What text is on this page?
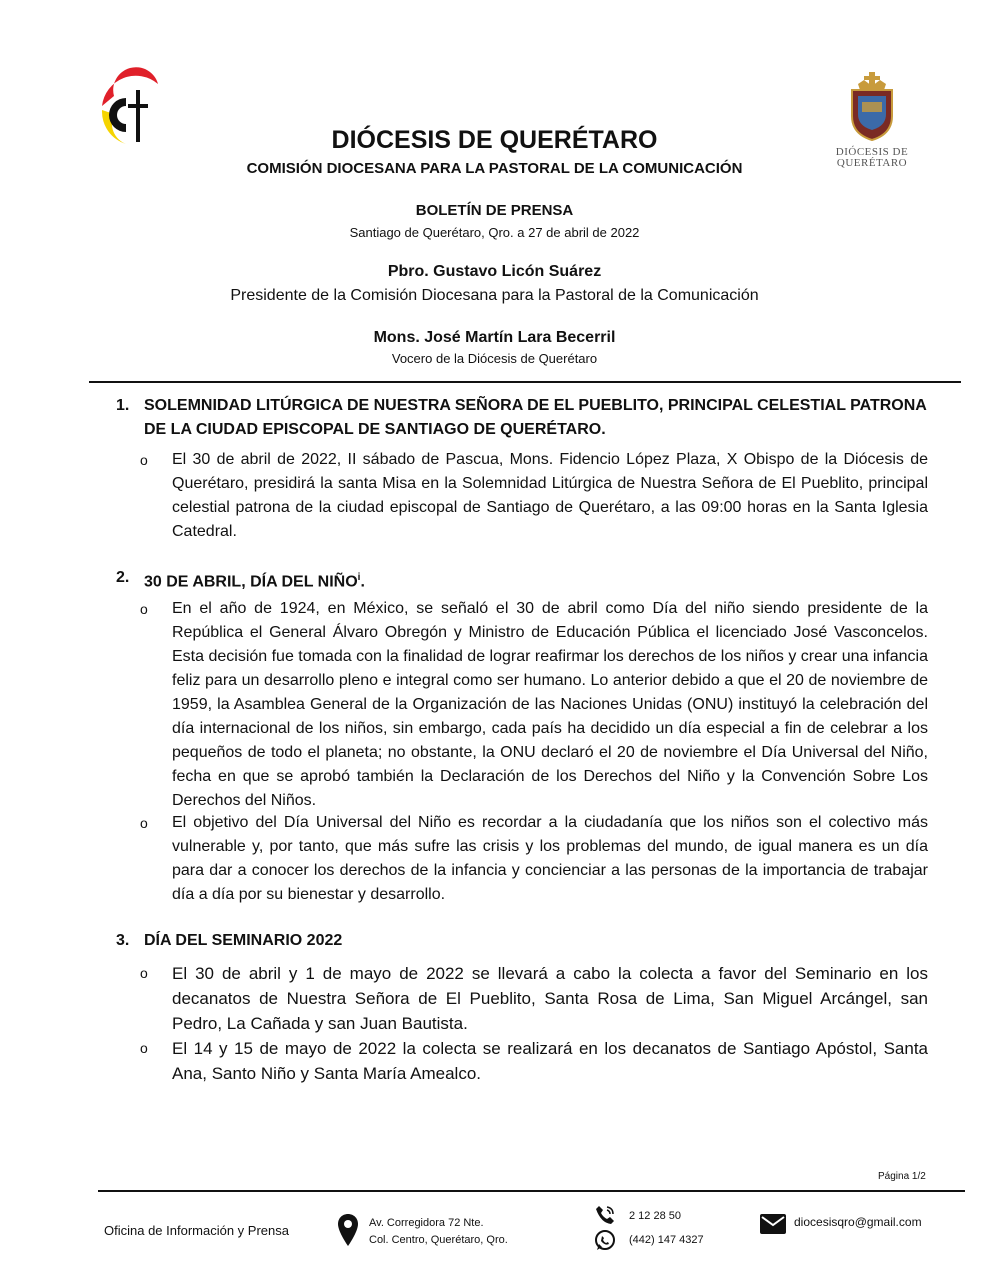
DIÓCESIS DE
QUERÉTARO
DIÓCESIS DE QUERÉTARO
COMISIÓN DIOCESANA PARA LA PASTORAL DE LA COMUNICACIÓN
BOLETÍN DE PRENSA
Santiago de Querétaro, Qro. a 27 de abril de 2022
Pbro. Gustavo Licón Suárez
Presidente de la Comisión Diocesana para la Pastoral de la Comunicación
Mons. José Martín Lara Becerril
Vocero de la Diócesis de Querétaro
1. SOLEMNIDAD LITÚRGICA DE NUESTRA SEÑORA DE EL PUEBLITO, PRINCIPAL CELESTIAL PATRONA DE LA CIUDAD EPISCOPAL DE SANTIAGO DE QUERÉTARO.
o	El 30 de abril de 2022, II sábado de Pascua, Mons. Fidencio López Plaza, X Obispo de la Diócesis de Querétaro, presidirá la santa Misa en la Solemnidad Litúrgica de Nuestra Señora de El Pueblito, principal celestial patrona de la ciudad episcopal de Santiago de Querétaro, a las 09:00 horas en la Santa Iglesia Catedral.
2. 30 DE ABRIL, DÍA DEL NIÑO$^i$.
o	En el año de 1924, en México, se señaló el 30 de abril como Día del niño siendo presidente de la República el General Álvaro Obregón y Ministro de Educación Pública el licenciado José Vasconcelos. Esta decisión fue tomada con la finalidad de lograr reafirmar los derechos de los niños y crear una infancia feliz para un desarrollo pleno e integral como ser humano. Lo anterior debido a que el 20 de noviembre de 1959, la Asamblea General de la Organización de las Naciones Unidas (ONU) instituyó la celebración del día internacional de los niños, sin embargo, cada país ha decidido un día especial a fin de celebrar a los pequeños de todo el planeta; no obstante, la ONU declaró el 20 de noviembre el Día Universal del Niño, fecha en que se aprobó también la Declaración de los Derechos del Niño y la Convención Sobre Los Derechos del Niños.
o	El objetivo del Día Universal del Niño es recordar a la ciudadanía que los niños son el colectivo más vulnerable y, por tanto, que más sufre las crisis y los problemas del mundo, de igual manera es un día para dar a conocer los derechos de la infancia y concienciar a las personas de la importancia de trabajar día a día por su bienestar y desarrollo.
3. DÍA DEL SEMINARIO 2022
o	El 30 de abril y 1 de mayo de 2022 se llevará a cabo la colecta a favor del Seminario en los decanatos de Nuestra Señora de El Pueblito, Santa Rosa de Lima, San Miguel Arcángel, san Pedro, La Cañada y san Juan Bautista.
o	El 14 y 15 de mayo de 2022 la colecta se realizará en los decanatos de Santiago Apóstol, Santa Ana, Santo Niño y Santa María Amealco.
Página 1/2
Oficina de Información y Prensa	Av. Corregidora 72 Nte.
Col. Centro, Querétaro, Qro.
2 12 28 50
(442) 147 4327
diocesisqro@gmail.com
